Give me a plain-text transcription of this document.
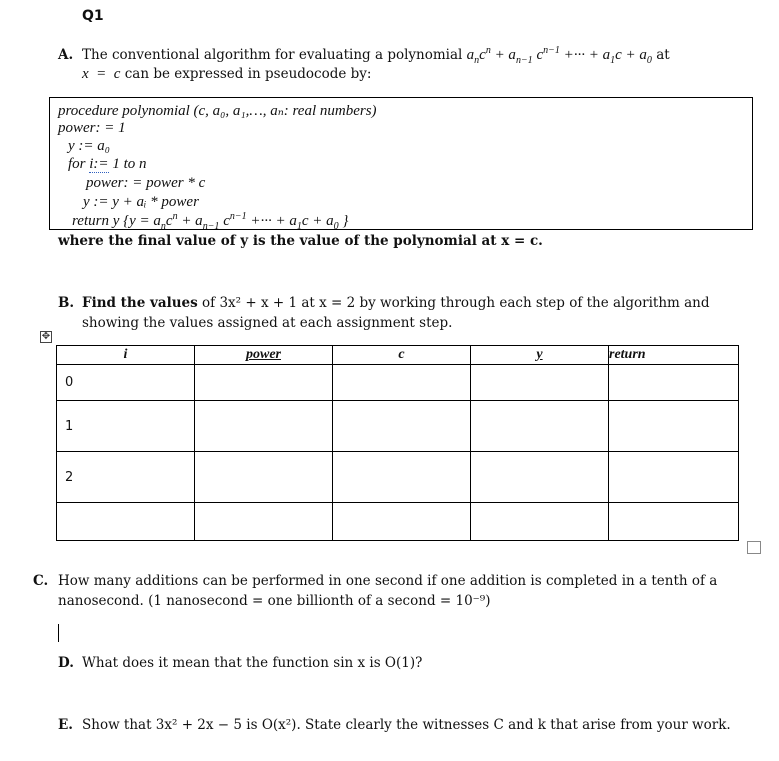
Q1
A. The conventional algorithm for evaluating a polynomial $a_nc^n + a_{n-1}$ $c^{n-1}$ +··· + $a_1c + a_0$ at
x  =  c can be expressed in pseudocode by:
procedure polynomial (c, a₀, a₁,…, aₙ: real numbers)
power: = 1
y := a₀
for i:= 1 to n
power: = power * c
y := y + aᵢ * power
return y {$y = a_nc^n + a_{n-1}$ $c^{n-1}$ +··· + $a_1c + a_0$ }
where the final value of y is the value of the polynomial at x = c.
B. Find the values of 3x² + x + 1 at x = 2 by working through each step of the algorithm and
showing the values assigned at each assignment step.
✥
i	power	c	y	return
0				
1				
2				

C. How many additions can be performed in one second if one addition is completed in a tenth of a
nanosecond. (1 nanosecond = one billionth of a second = 10⁻⁹)
D. What does it mean that the function sin x is O(1)?
E. Show that 3x² + 2x − 5 is O(x²). State clearly the witnesses C and k that arise from your work.
